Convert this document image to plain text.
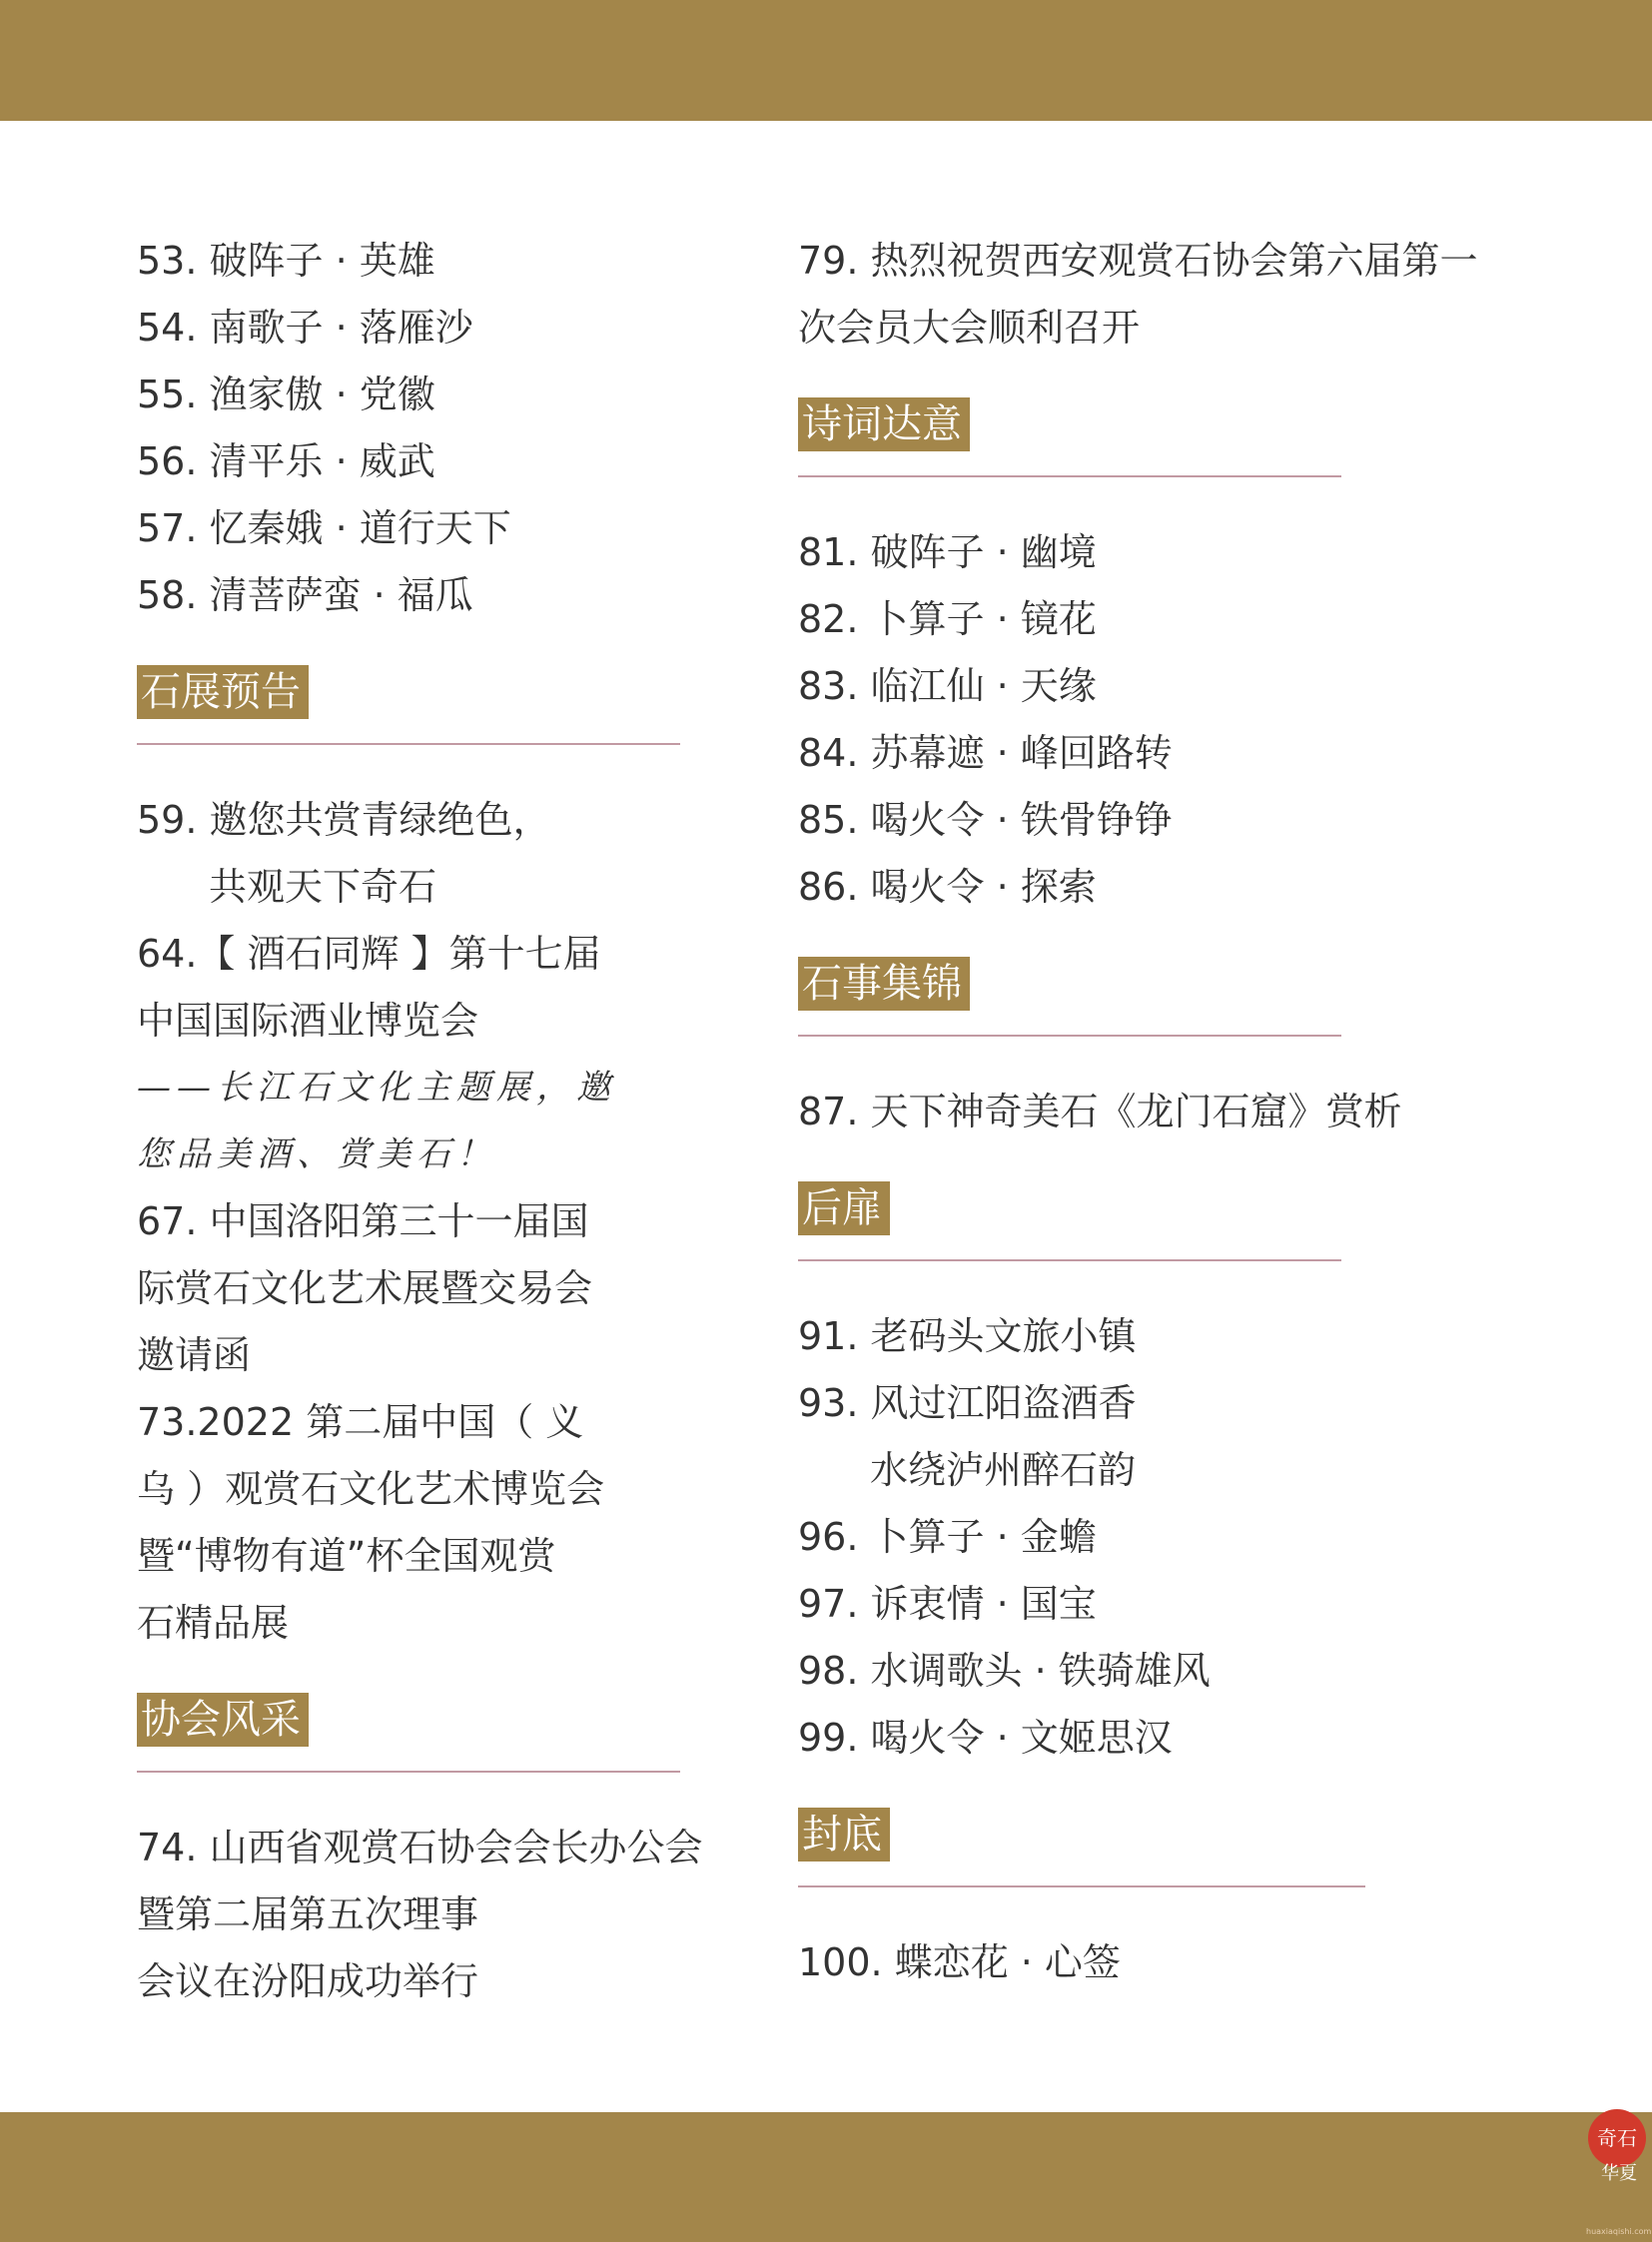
53. 破阵子 · 英雄
54. 南歌子 · 落雁沙
55. 渔家傲 · 党徽
56. 清平乐 · 威武
57. 忆秦娥 · 道行天下
58. 清菩萨蛮 · 福瓜
石展预告
59. 邀您共赏青绿绝色，
共观天下奇石
64.【 酒石同辉 】第十七届
中国国际酒业博览会
——长江石文化主题展，邀
您品美酒、赏美石！
67. 中国洛阳第三十一届国
际赏石文化艺术展暨交易会
邀请函
73.2022 第二届中国（ 义
乌 ）观赏石文化艺术博览会
暨“博物有道”杯全国观赏
石精品展
协会风采
74. 山西省观赏石协会会长办公会
暨第二届第五次理事
会议在汾阳成功举行
79. 热烈祝贺西安观赏石协会第六届第一
次会员大会顺利召开
诗词达意
81. 破阵子 · 幽境
82. 卜算子 · 镜花
83. 临江仙 · 天缘
84. 苏幕遮 · 峰回路转
85. 喝火令 · 铁骨铮铮
86. 喝火令 · 探索
石事集锦
87. 天下神奇美石《龙门石窟》赏析
后扉
91. 老码头文旅小镇
93. 风过江阳盗酒香
水绕泸州醉石韵
96. 卜算子 · 金蟾
97. 诉衷情 · 国宝
98. 水调歌头 · 铁骑雄风
99. 喝火令 · 文姬思汉
封底
100. 蝶恋花 · 心签
奇石
华夏
huaxiaqishi.com
